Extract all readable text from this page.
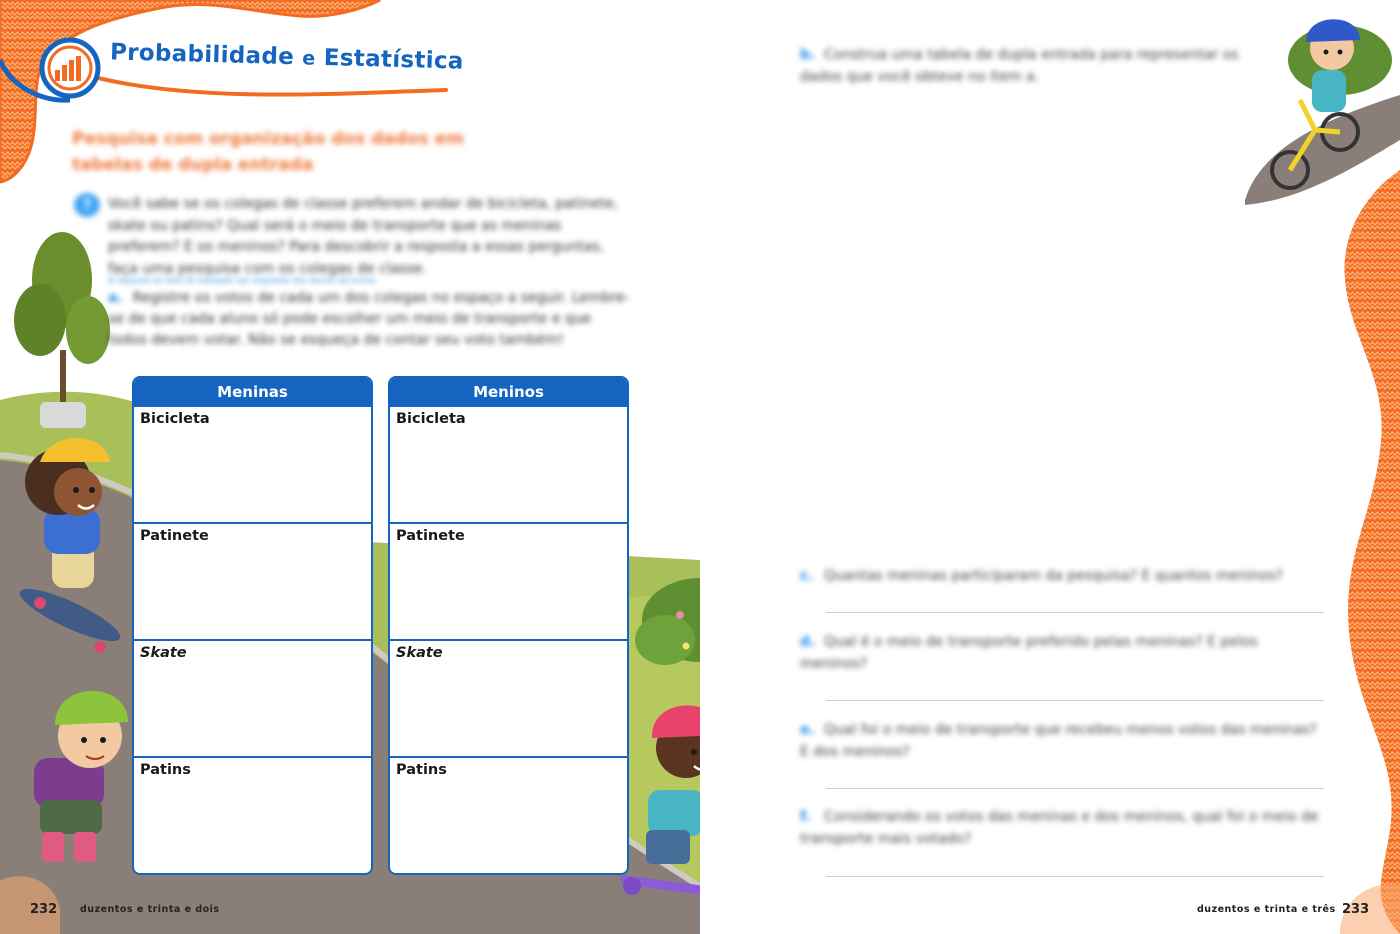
Probabilidade e Estatística
Pesquisa com organização dos dados em tabelas de dupla entrada
?	Você sabe se os colegas de classe preferem andar de bicicleta, patinete, skate ou patins? Qual será o meio de transporte que as meninas preferem? E os meninos? Para descobrir a resposta a essas perguntas, faça uma pesquisa com os colegas de classe.
A resposta ao item foi baseada nas respostas dos alunos da turma.
a. Registre os votos de cada um dos colegas no espaço a seguir. Lembre-se de que cada aluno só pode escolher um meio de transporte e que todos devem votar. Não se esqueça de contar seu voto também!
Meninas
Bicicleta
Patinete
Skate
Patins
Meninos
Bicicleta
Patinete
Skate
Patins
232 duzentos e trinta e dois
b. Construa uma tabela de dupla entrada para representar os dados que você obteve no item a.
c. Quantas meninas participaram da pesquisa? E quantos meninos?
d. Qual é o meio de transporte preferido pelas meninas? E pelos meninos?
e. Qual foi o meio de transporte que recebeu menos votos das meninas? E dos meninos?
f. Considerando os votos das meninas e dos meninos, qual foi o meio de transporte mais votado?
duzentos e trinta e três 233
